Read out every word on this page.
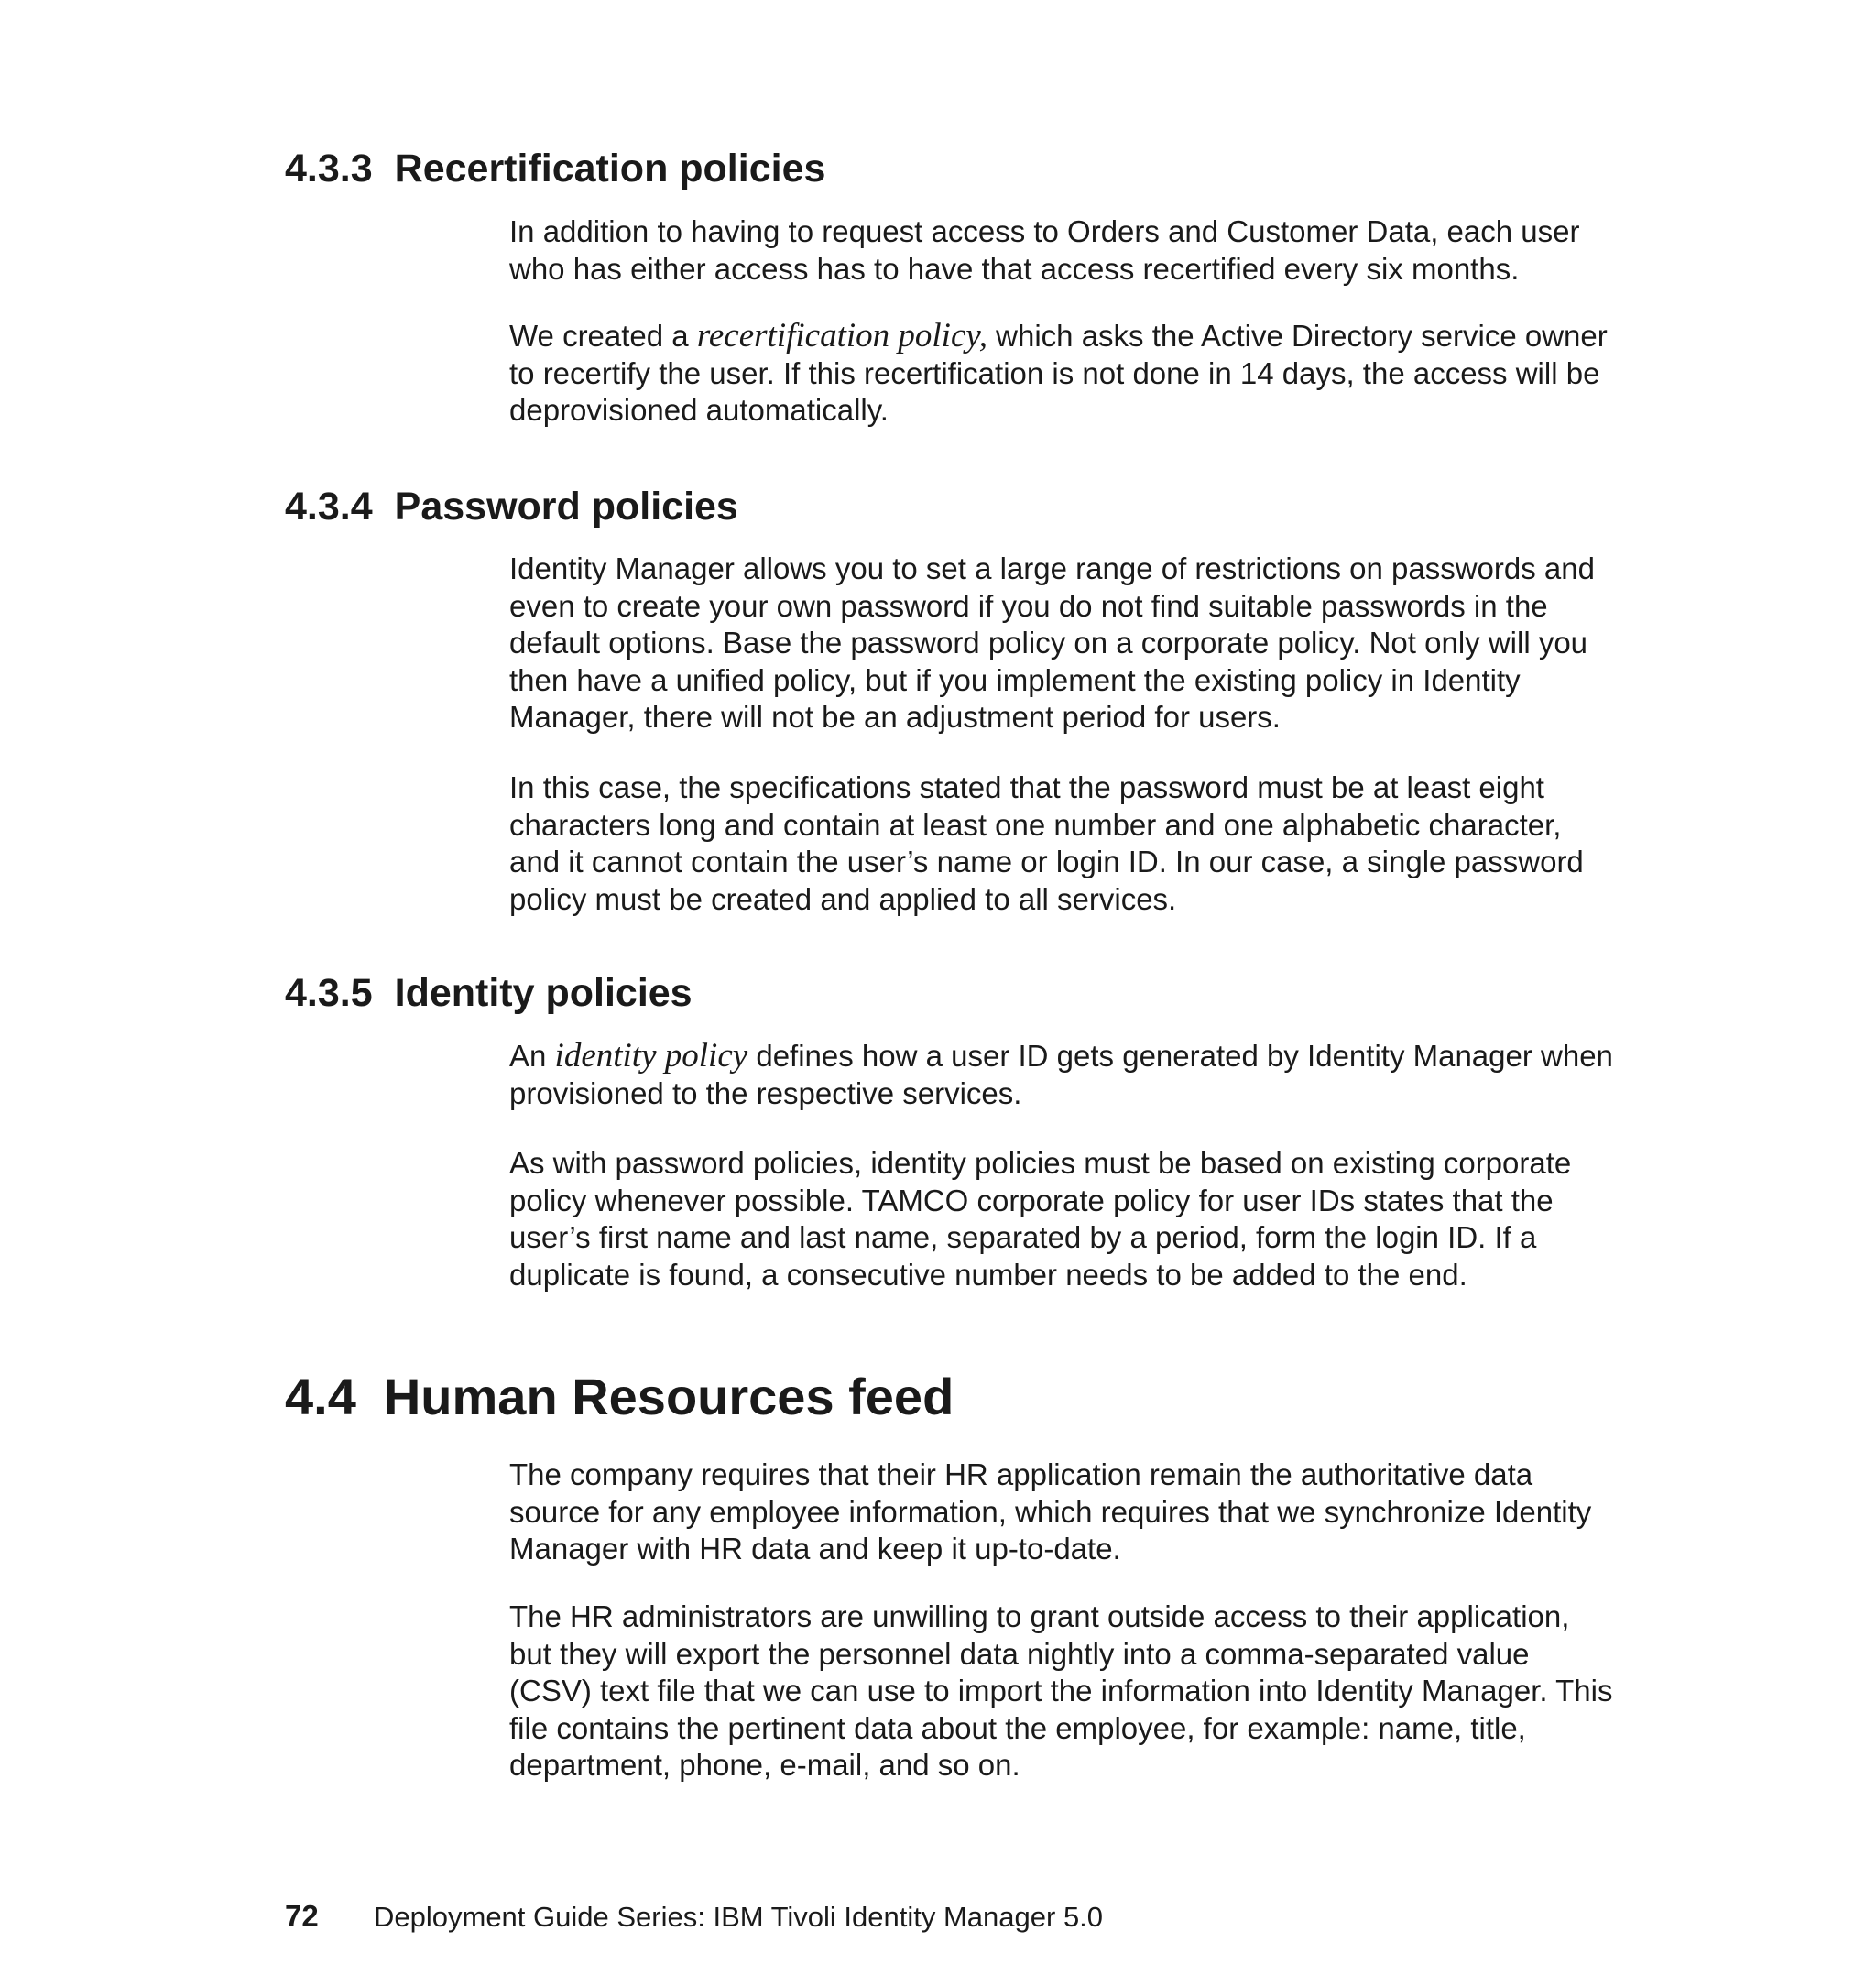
4.3.3 Recertification policies

In addition to having to request access to Orders and Customer Data, each user who has either access has to have that access recertified every six months.

We created a recertification policy, which asks the Active Directory service owner to recertify the user. If this recertification is not done in 14 days, the access will be deprovisioned automatically.

4.3.4 Password policies

Identity Manager allows you to set a large range of restrictions on passwords and even to create your own password if you do not find suitable passwords in the default options. Base the password policy on a corporate policy. Not only will you then have a unified policy, but if you implement the existing policy in Identity Manager, there will not be an adjustment period for users.

In this case, the specifications stated that the password must be at least eight characters long and contain at least one number and one alphabetic character, and it cannot contain the user’s name or login ID. In our case, a single password policy must be created and applied to all services.

4.3.5 Identity policies

An identity policy defines how a user ID gets generated by Identity Manager when provisioned to the respective services.

As with password policies, identity policies must be based on existing corporate policy whenever possible. TAMCO corporate policy for user IDs states that the user’s first name and last name, separated by a period, form the login ID. If a duplicate is found, a consecutive number needs to be added to the end.

4.4 Human Resources feed

The company requires that their HR application remain the authoritative data source for any employee information, which requires that we synchronize Identity Manager with HR data and keep it up-to-date.

The HR administrators are unwilling to grant outside access to their application, but they will export the personnel data nightly into a comma-separated value (CSV) text file that we can use to import the information into Identity Manager. This file contains the pertinent data about the employee, for example: name, title, department, phone, e-mail, and so on.

72 Deployment Guide Series: IBM Tivoli Identity Manager 5.0
